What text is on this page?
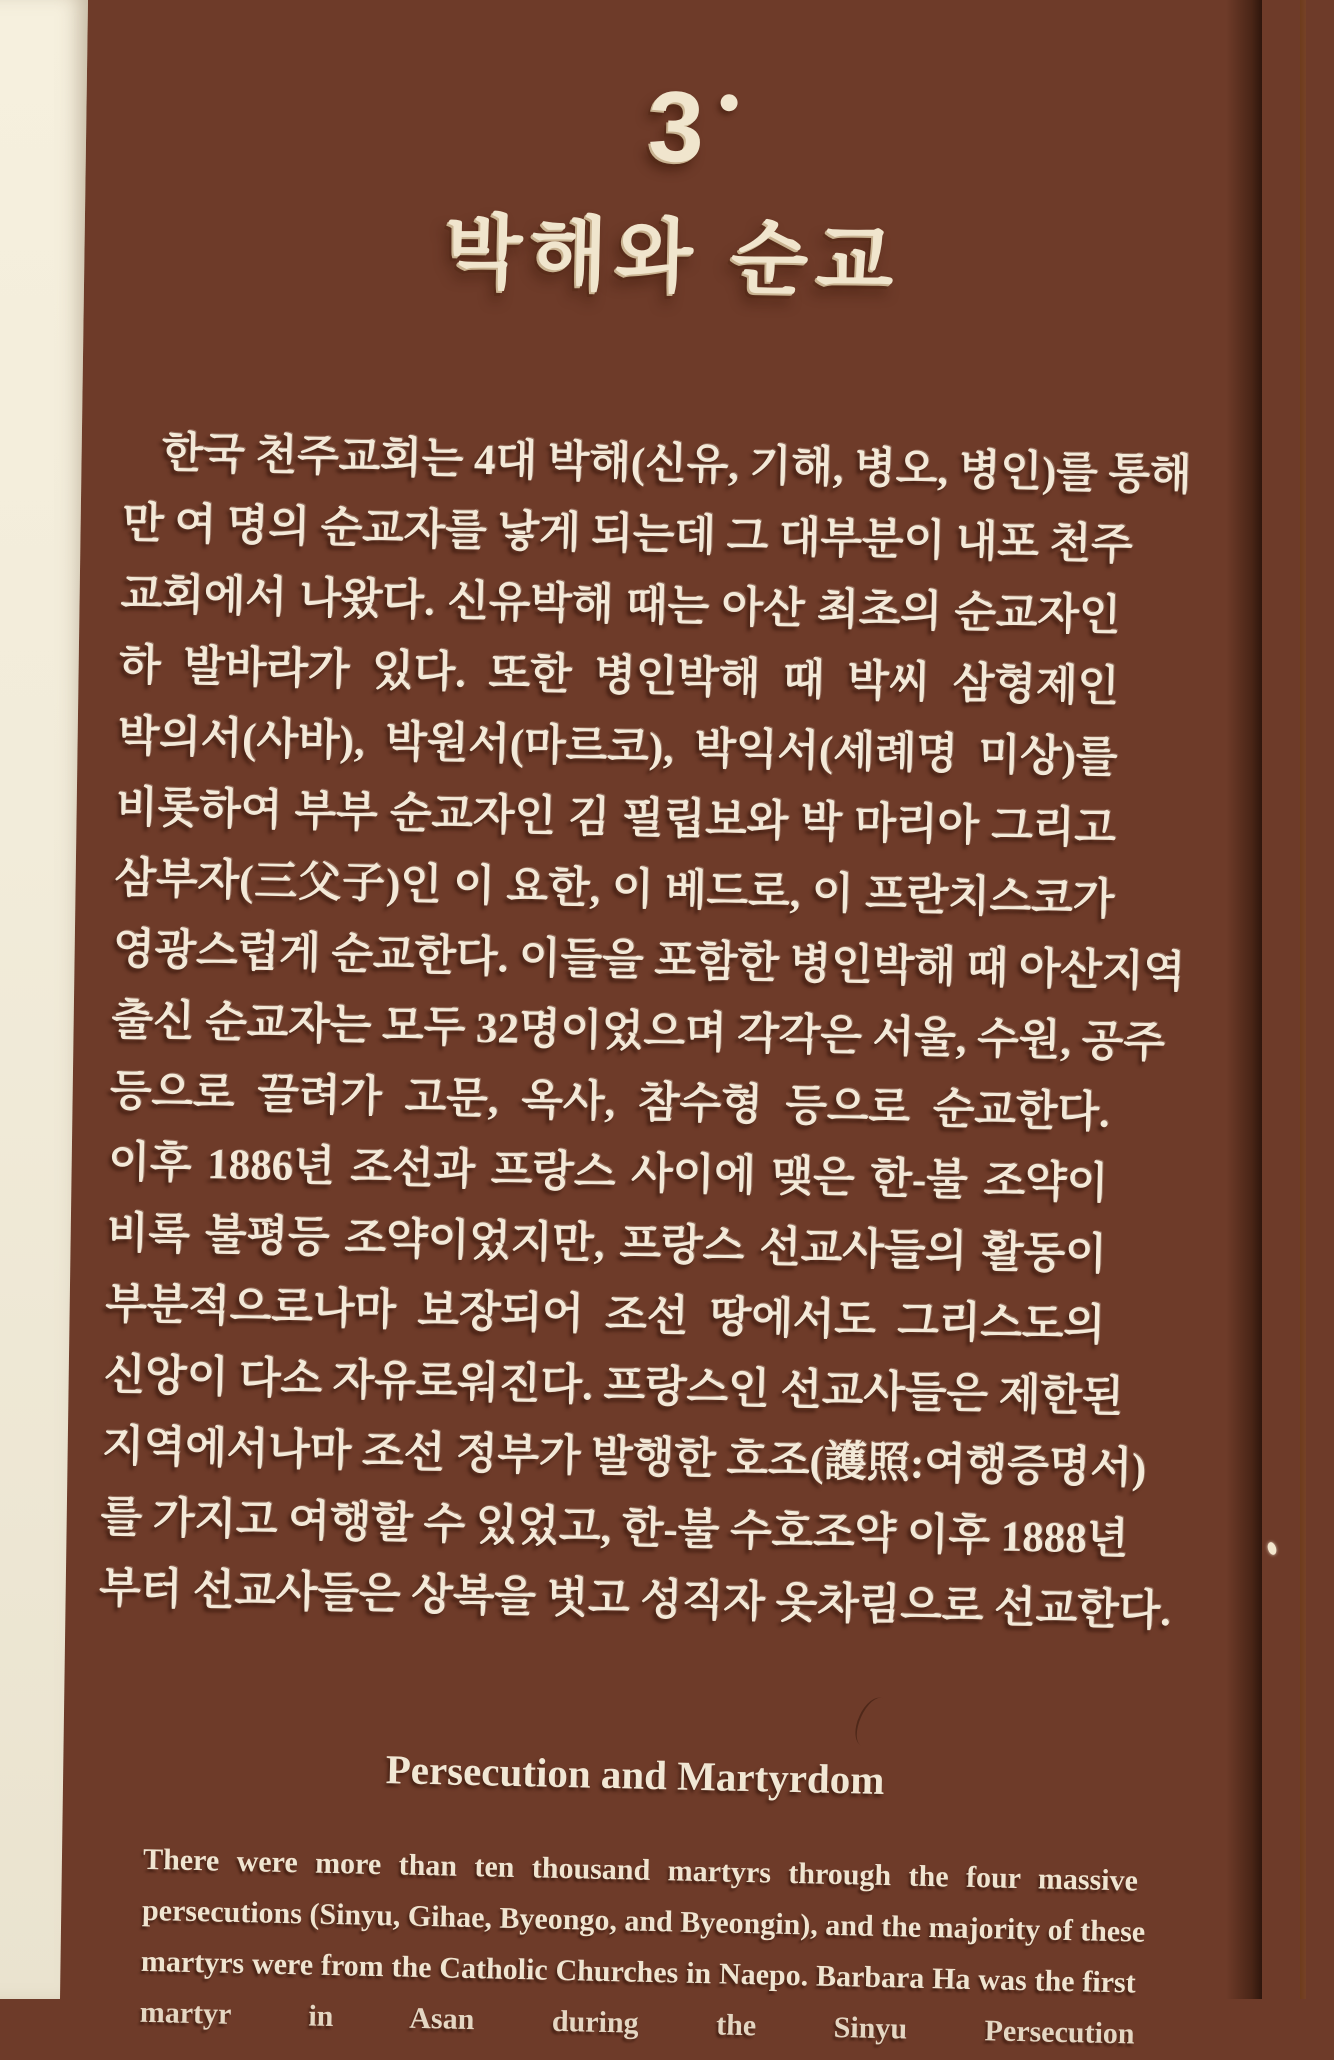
3
박해와 순교
한국 천주교회는 4대 박해(신유, 기해, 병오, 병인)를 통해
만 여 명의 순교자를 낳게 되는데 그 대부분이 내포 천주
교회에서 나왔다. 신유박해 때는 아산 최초의 순교자인
하 발바라가 있다. 또한 병인박해 때 박씨 삼형제인
박의서(사바), 박원서(마르코), 박익서(세례명 미상)를
비롯하여 부부 순교자인 김 필립보와 박 마리아 그리고
삼부자(三父子)인 이 요한, 이 베드로, 이 프란치스코가
영광스럽게 순교한다. 이들을 포함한 병인박해 때 아산지역
출신 순교자는 모두 32명이었으며 각각은 서울, 수원, 공주
등으로 끌려가 고문, 옥사, 참수형 등으로 순교한다.
이후 1886년 조선과 프랑스 사이에 맺은 한-불 조약이
비록 불평등 조약이었지만, 프랑스 선교사들의 활동이
부분적으로나마 보장되어 조선 땅에서도 그리스도의
신앙이 다소 자유로워진다. 프랑스인 선교사들은 제한된
지역에서나마 조선 정부가 발행한 호조(護照:여행증명서)
를 가지고 여행할 수 있었고, 한-불 수호조약 이후 1888년
부터 선교사들은 상복을 벗고 성직자 옷차림으로 선교한다.
Persecution and Martyrdom
There were more than ten thousand martyrs through the four massive
persecutions (Sinyu, Gihae, Byeongo, and Byeongin), and the majority of these
martyrs were from the Catholic Churches in Naepo. Barbara Ha was the first
martyr in Asan during the Sinyu Persecution
